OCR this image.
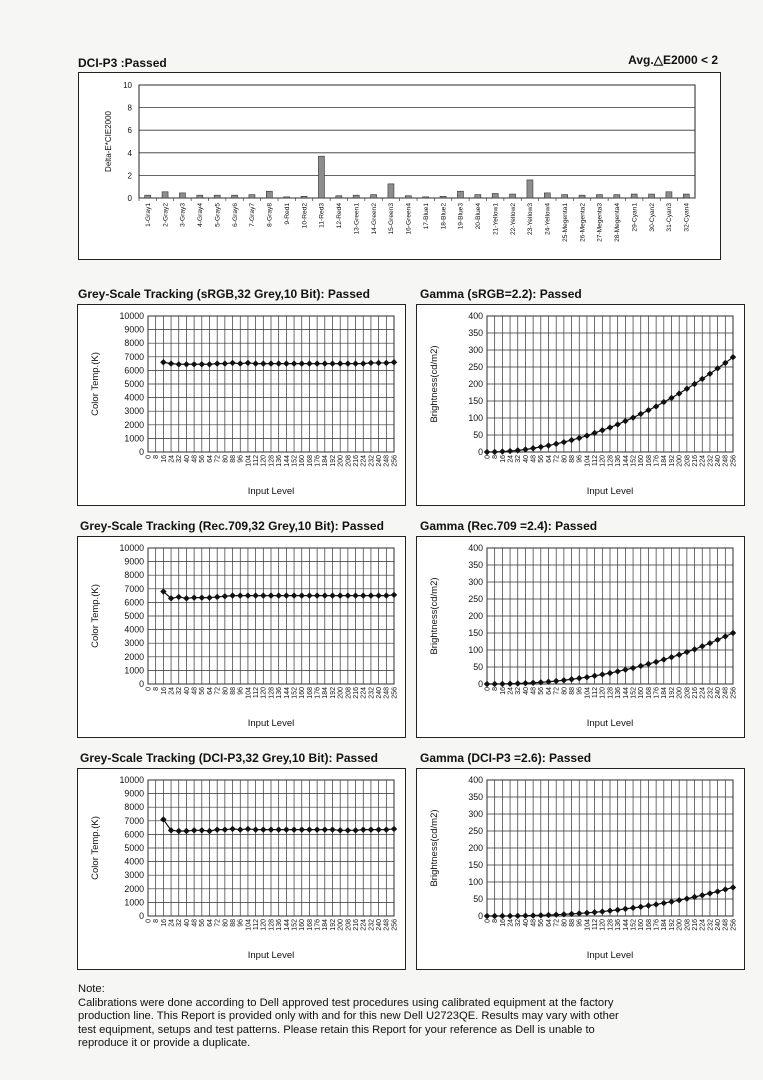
DCI-P3 :Passed	Avg.△E2000 < 2
0
2
4
6
8
10
Delta-E*CIE2000
1-Gray1 2-Gray2 3-Gray3 4-Gray4 5-Gray5 6-Gray6 7-Gray7 8-Gray8 9-Red1 10-Red2 11-Red3 12-Red4 13-Green1 14-Green2 15-Green3 16-Green4 17-Blue1 18-Blue2 19-Blue3 20-Blue4 21-Yellow1 22-Yellow2 23-Yellow3 24-Yellow4 25-Megenta1 26-Megenta2 27-Megenta3 28-Megenta4 29-Cyan1 30-Cyan2 31-Cyan3 32-Cyan4
Grey-Scale Tracking (sRGB,32 Grey,10 Bit): Passed	Gamma (sRGB=2.2): Passed
Grey-Scale Tracking (Rec.709,32 Grey,10 Bit): Passed	Gamma (Rec.709 =2.4): Passed
Grey-Scale Tracking (DCI-P3,32 Grey,10 Bit): Passed	Gamma (DCI-P3 =2.6): Passed
0
1000
2000
3000
4000
5000
6000
7000
8000
9000
10000
0 8 16 24 32 40 48 56 64 72 80 88 96 104 112 120 128 136 144 152 160 168 176 184 192 200 208 216 224 232 240 248 256
Input Level
Color Temp.(K)
0
50
100
150
200
250
300
350
400
0 8 16 24 32 40 48 56 64 72 80 88 96 104 112 120 128 136 144 152 160 168 176 184 192 200 208 216 224 232 240 248 256
Input Level
Brightness(cd/m2)
0
1000
2000
3000
4000
5000
6000
7000
8000
9000
10000
0 8 16 24 32 40 48 56 64 72 80 88 96 104 112 120 128 136 144 152 160 168 176 184 192 200 208 216 224 232 240 248 256
Input Level
Color Temp.(K)
0
50
100
150
200
250
300
350
400
0 8 16 24 32 40 48 56 64 72 80 88 96 104 112 120 128 136 144 152 160 168 176 184 192 200 208 216 224 232 240 248 256
Input Level
Brightness(cd/m2)
0
1000
2000
3000
4000
5000
6000
7000
8000
9000
10000
0 8 16 24 32 40 48 56 64 72 80 88 96 104 112 120 128 136 144 152 160 168 176 184 192 200 208 216 224 232 240 248 256
Input Level
Color Temp.(K)
0
50
100
150
200
250
300
350
400
0 8 16 24 32 40 48 56 64 72 80 88 96 104 112 120 128 136 144 152 160 168 176 184 192 200 208 216 224 232 240 248 256
Input Level
Brightness(cd/m2)
Note:
Calibrations were done according to Dell approved test procedures using calibrated equipment at the factory
production line. This Report is provided only with and for this new Dell U2723QE. Results may vary with other
test equipment, setups and test patterns. Please retain this Report for your reference as Dell is unable to
reproduce it or provide a duplicate.
